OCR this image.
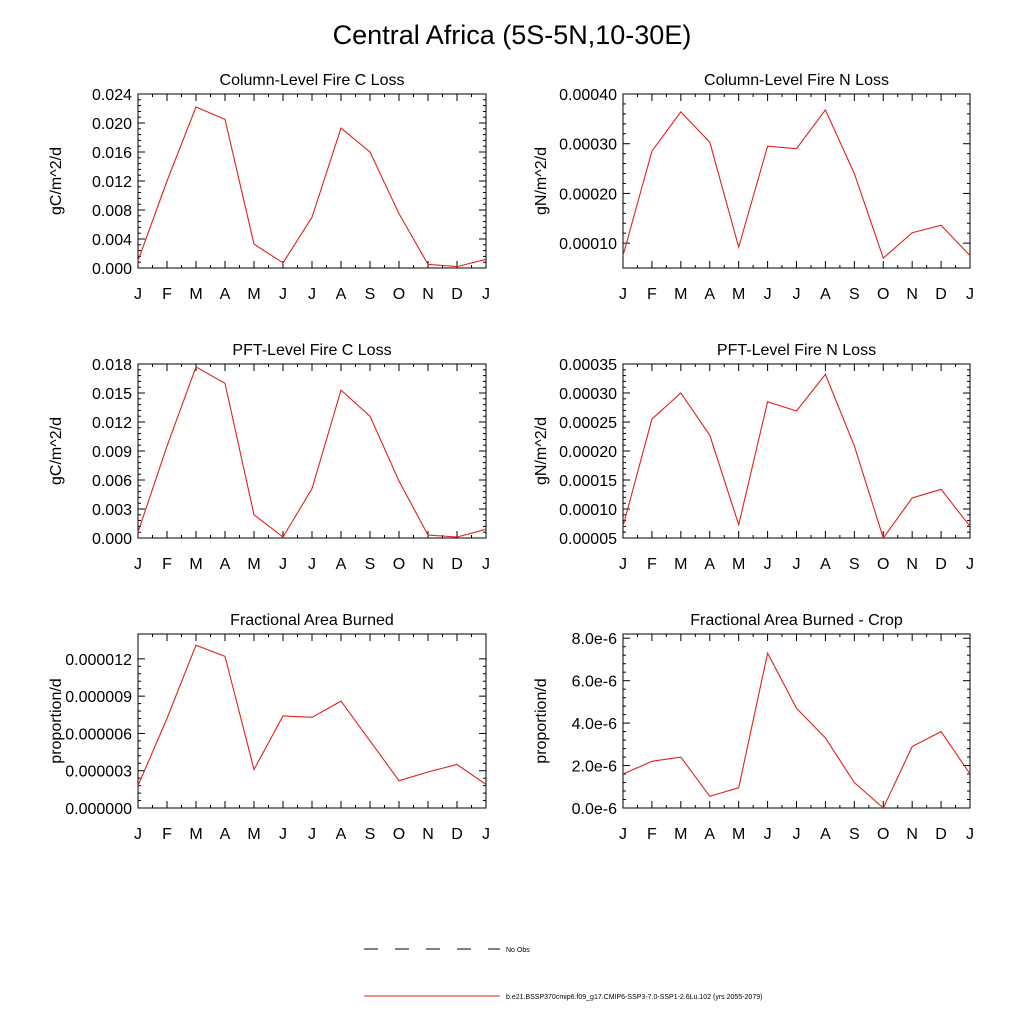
Central Africa (5S-5N,10-30E)
Column-Level Fire C Loss
J F M A M J J A S O N D J
0.000
0.004
0.008
0.012
0.016
0.020
0.024
gC/m^2/d
Column-Level Fire N Loss
J F M A M J J A S O N D J
0.00010
0.00020
0.00030
0.00040
gN/m^2/d
PFT-Level Fire C Loss
J F M A M J J A S O N D J
0.000
0.003
0.006
0.009
0.012
0.015
0.018
gC/m^2/d
PFT-Level Fire N Loss
J F M A M J J A S O N D J
0.00005
0.00010
0.00015
0.00020
0.00025
0.00030
0.00035
gN/m^2/d
Fractional Area Burned
J F M A M J J A S O N D J
0.000000
0.000003
0.000006
0.000009
0.000012
proportion/d
Fractional Area Burned - Crop
J F M A M J J A S O N D J
0.0e-6
2.0e-6
4.0e-6
6.0e-6
8.0e-6
proportion/d
No Obs
b.e21.BSSP370cmip6.f09_g17.CMIP6-SSP3-7.0-SSP1-2.6Lu.102 (yrs 2055-2079)
